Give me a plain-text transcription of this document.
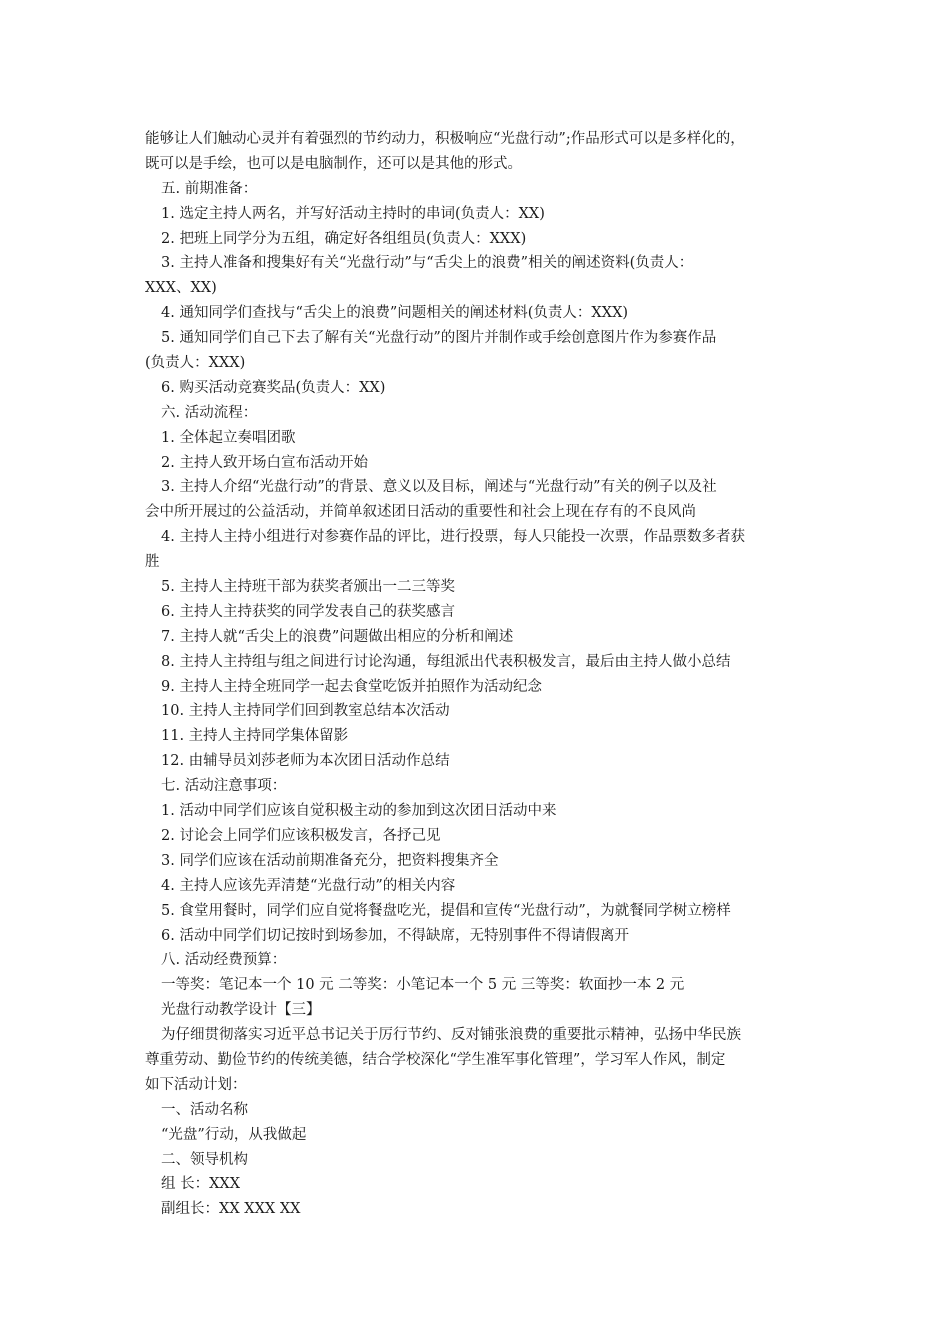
能够让人们触动心灵并有着强烈的节约动力，积极响应“光盘行动”;作品形式可以是多样化的，
既可以是手绘，也可以是电脑制作，还可以是其他的形式。
五. 前期准备：
1. 选定主持人两名，并写好活动主持时的串词(负责人：XX)
2. 把班上同学分为五组，确定好各组组员(负责人：XXX)
3. 主持人准备和搜集好有关“光盘行动”与“舌尖上的浪费”相关的阐述资料(负责人：
XXX、XX)
4. 通知同学们查找与“舌尖上的浪费”问题相关的阐述材料(负责人：XXX)
5. 通知同学们自己下去了解有关“光盘行动”的图片并制作或手绘创意图片作为参赛作品
(负责人：XXX)
6. 购买活动竞赛奖品(负责人：XX)
六. 活动流程：
1. 全体起立奏唱团歌
2. 主持人致开场白宣布活动开始
3. 主持人介绍“光盘行动”的背景、意义以及目标，阐述与“光盘行动”有关的例子以及社
会中所开展过的公益活动，并简单叙述团日活动的重要性和社会上现在存有的不良风尚
4. 主持人主持小组进行对参赛作品的评比，进行投票，每人只能投一次票，作品票数多者获
胜
5. 主持人主持班干部为获奖者颁出一二三等奖
6. 主持人主持获奖的同学发表自己的获奖感言
7. 主持人就“舌尖上的浪费”问题做出相应的分析和阐述
8. 主持人主持组与组之间进行讨论沟通，每组派出代表积极发言，最后由主持人做小总结
9. 主持人主持全班同学一起去食堂吃饭并拍照作为活动纪念
10. 主持人主持同学们回到教室总结本次活动
11. 主持人主持同学集体留影
12. 由辅导员刘莎老师为本次团日活动作总结
七. 活动注意事项：
1. 活动中同学们应该自觉积极主动的参加到这次团日活动中来
2. 讨论会上同学们应该积极发言，各抒己见
3. 同学们应该在活动前期准备充分，把资料搜集齐全
4. 主持人应该先弄清楚“光盘行动”的相关内容
5. 食堂用餐时，同学们应自觉将餐盘吃光，提倡和宣传“光盘行动”，为就餐同学树立榜样
6. 活动中同学们切记按时到场参加，不得缺席，无特别事件不得请假离开
八. 活动经费预算：
一等奖：笔记本一个 10 元 二等奖：小笔记本一个 5 元 三等奖：软面抄一本 2 元
光盘行动教学设计【三】
为仔细贯彻落实习近平总书记关于厉行节约、反对铺张浪费的重要批示精神，弘扬中华民族
尊重劳动、勤俭节约的传统美德，结合学校深化“学生准军事化管理”，学习军人作风，制定
如下活动计划：
一、活动名称
“光盘”行动，从我做起
二、领导机构
组 长：XXX
副组长：XX XXX XX
